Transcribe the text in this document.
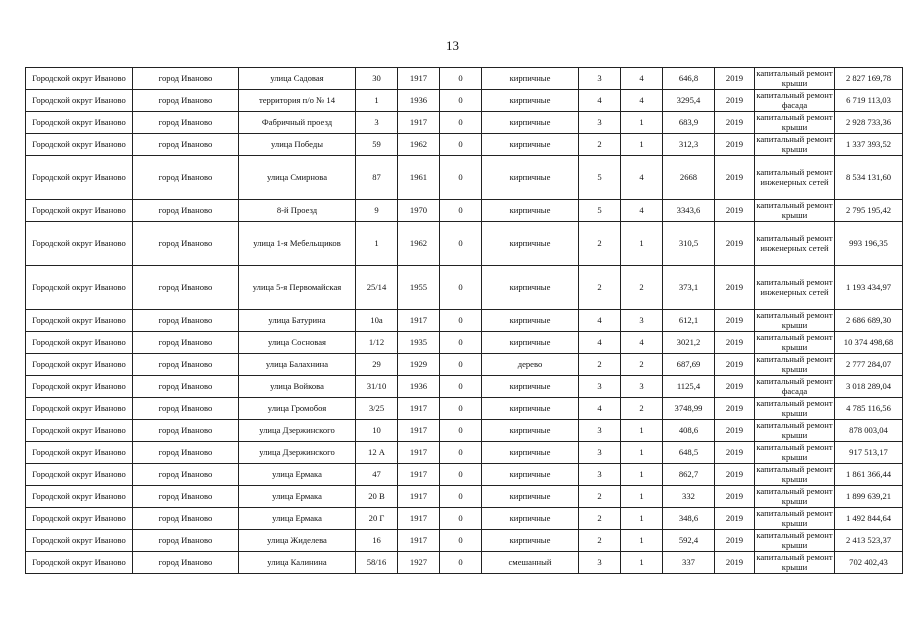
13
Городской округ Иваново	город Иваново	улица Садовая	30	1917	0	кирпичные	3	4	646,8	2019	капитальный ремонт крыши	2 827 169,78
Городской округ Иваново	город Иваново	территория п/о № 14	1	1936	0	кирпичные	4	4	3295,4	2019	капитальный ремонт фасада	6 719 113,03
Городской округ Иваново	город Иваново	Фабричный проезд	3	1917	0	кирпичные	3	1	683,9	2019	капитальный ремонт крыши	2 928 733,36
Городской округ Иваново	город Иваново	улица Победы	59	1962	0	кирпичные	2	1	312,3	2019	капитальный ремонт крыши	1 337 393,52
Городской округ Иваново	город Иваново	улица Смирнова	87	1961	0	кирпичные	5	4	2668	2019	капитальный ремонт инженерных сетей	8 534 131,60
Городской округ Иваново	город Иваново	8-й Проезд	9	1970	0	кирпичные	5	4	3343,6	2019	капитальный ремонт крыши	2 795 195,42
Городской округ Иваново	город Иваново	улица 1-я Мебельщиков	1	1962	0	кирпичные	2	1	310,5	2019	капитальный ремонт инженерных сетей	993 196,35
Городской округ Иваново	город Иваново	улица 5-я Первомайская	25/14	1955	0	кирпичные	2	2	373,1	2019	капитальный ремонт инженерных сетей	1 193 434,97
Городской округ Иваново	город Иваново	улица Батурина	10а	1917	0	кирпичные	4	3	612,1	2019	капитальный ремонт крыши	2 686 689,30
Городской округ Иваново	город Иваново	улица Сосновая	1/12	1935	0	кирпичные	4	4	3021,2	2019	капитальный ремонт крыши	10 374 498,68
Городской округ Иваново	город Иваново	улица Балахнина	29	1929	0	дерево	2	2	687,69	2019	капитальный ремонт крыши	2 777 284,07
Городской округ Иваново	город Иваново	улица Войкова	31/10	1936	0	кирпичные	3	3	1125,4	2019	капитальный ремонт фасада	3 018 289,04
Городской округ Иваново	город Иваново	улица Громобоя	3/25	1917	0	кирпичные	4	2	3748,99	2019	капитальный ремонт крыши	4 785 116,56
Городской округ Иваново	город Иваново	улица Дзержинского	10	1917	0	кирпичные	3	1	408,6	2019	капитальный ремонт крыши	878 003,04
Городской округ Иваново	город Иваново	улица Дзержинского	12 А	1917	0	кирпичные	3	1	648,5	2019	капитальный ремонт крыши	917 513,17
Городской округ Иваново	город Иваново	улица Ермака	47	1917	0	кирпичные	3	1	862,7	2019	капитальный ремонт крыши	1 861 366,44
Городской округ Иваново	город Иваново	улица Ермака	20 В	1917	0	кирпичные	2	1	332	2019	капитальный ремонт крыши	1 899 639,21
Городской округ Иваново	город Иваново	улица Ермака	20 Г	1917	0	кирпичные	2	1	348,6	2019	капитальный ремонт крыши	1 492 844,64
Городской округ Иваново	город Иваново	улица Жиделева	16	1917	0	кирпичные	2	1	592,4	2019	капитальный ремонт крыши	2 413 523,37
Городской округ Иваново	город Иваново	улица Калинина	58/16	1927	0	смешанный	3	1	337	2019	капитальный ремонт крыши	702 402,43
